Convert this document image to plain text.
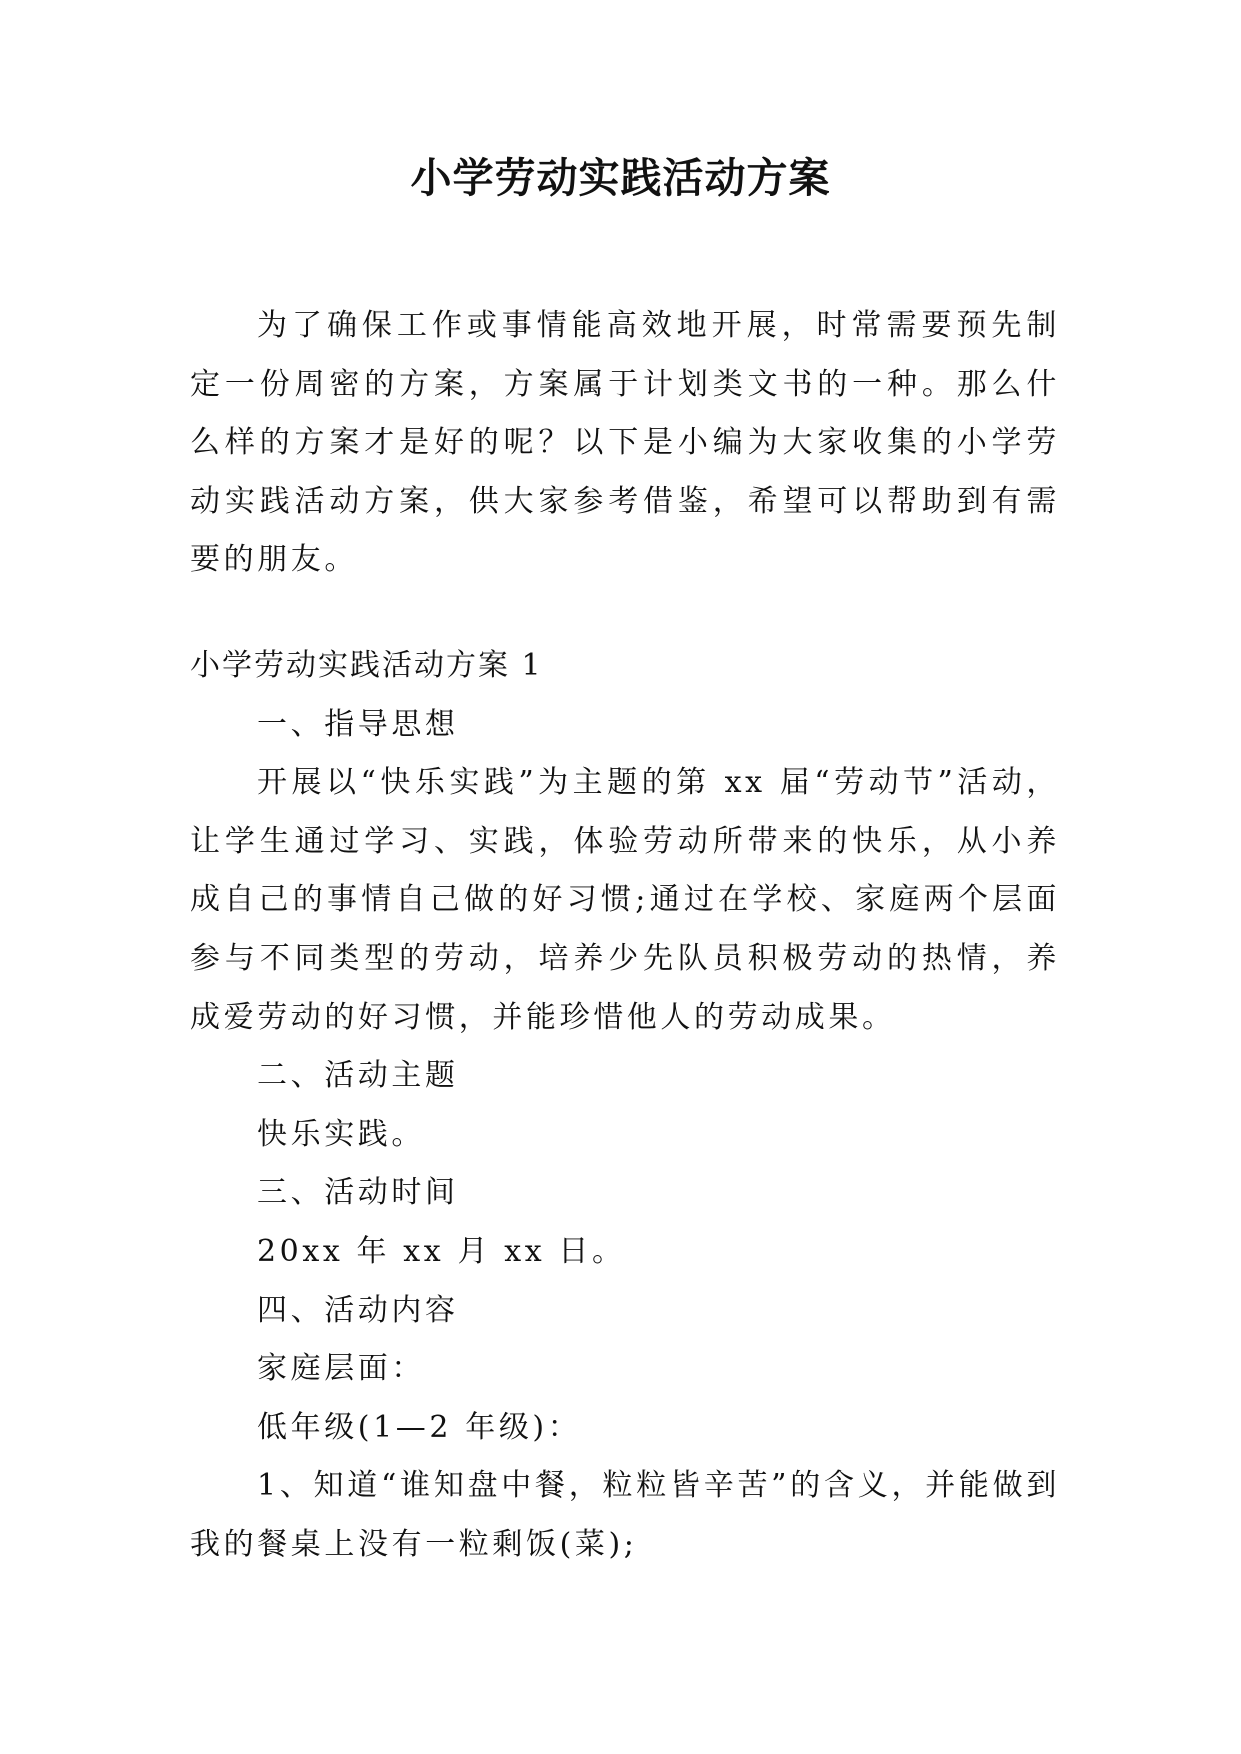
小学劳动实践活动方案

为了确保工作或事情能高效地开展，时常需要预先制定一份周密的方案，方案属于计划类文书的一种。那么什么样的方案才是好的呢？以下是小编为大家收集的小学劳动实践活动方案，供大家参考借鉴，希望可以帮助到有需要的朋友。

小学劳动实践活动方案 1

一、指导思想

开展以“快乐实践”为主题的第 xx 届“劳动节”活动，让学生通过学习、实践，体验劳动所带来的快乐，从小养成自己的事情自己做的好习惯;通过在学校、家庭两个层面参与不同类型的劳动，培养少先队员积极劳动的热情，养成爱劳动的好习惯，并能珍惜他人的劳动成果。

二、活动主题

快乐实践。

三、活动时间

20xx 年 xx 月 xx 日。

四、活动内容

家庭层面：

低年级(1—2 年级)：

1、知道“谁知盘中餐，粒粒皆辛苦”的含义，并能做到我的餐桌上没有一粒剩饭(菜);
